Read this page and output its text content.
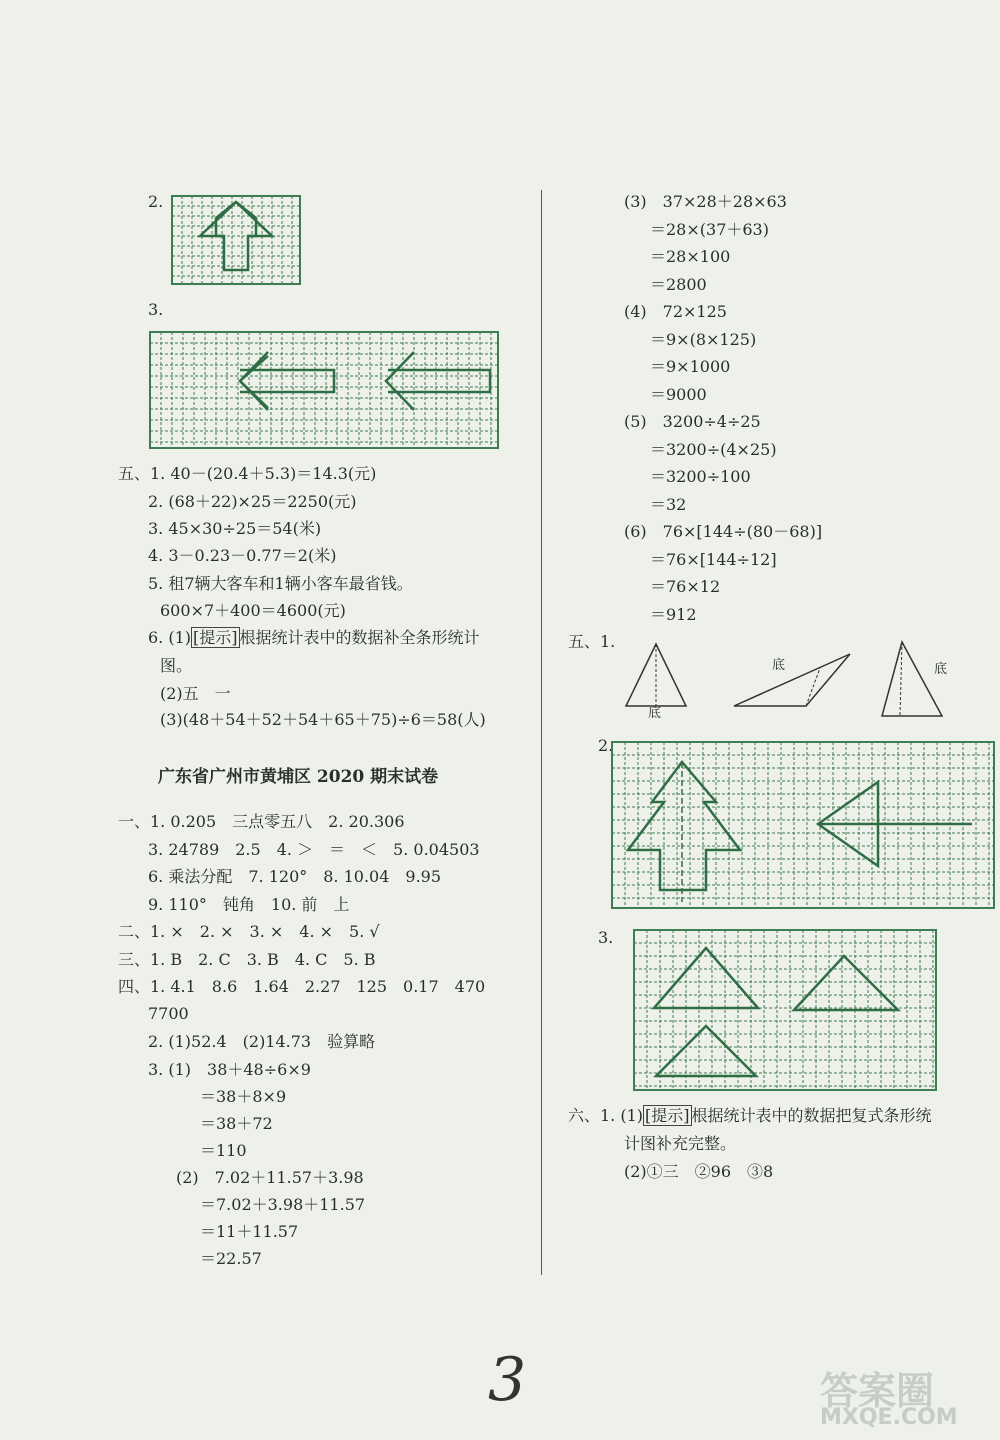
2.
3.
五、1. 40－(20.4＋5.3)＝14.3(元)
2. (68＋22)×25＝2250(元)
3. 45×30÷25＝54(米)
4. 3－0.23－0.77＝2(米)
5. 租7辆大客车和1辆小客车最省钱。
600×7＋400＝4600(元)
6. (1) [提示] 根据统计表中的数据补全条形统计
图。
(2)五　一
(3)(48＋54＋52＋54＋65＋75)÷6＝58(人)
广东省广州市黄埔区 2020 期末试卷
一、1. 0.205　三点零五八　2. 20.306
3. 24789　2.5　4. ＞　＝　＜　5. 0.04503
6. 乘法分配　7. 120°　8. 10.04　9.95
9. 110°　钝角　10. 前　上
二、1. ×　2. ×　3. ×　4. ×　5. √
三、1. B　2. C　3. B　4. C　5. B
四、1. 4.1　8.6　1.64　2.27　125　0.17　470
7700
2. (1)52.4　(2)14.73　验算略
3. (1)　38＋48÷6×9
＝38＋8×9
＝38＋72
＝110
(2)　7.02＋11.57＋3.98
＝7.02＋3.98＋11.57
＝11＋11.57
＝22.57
(3)　37×28＋28×63
＝28×(37＋63)
＝28×100
＝2800
(4)　72×125
＝9×(8×125)
＝9×1000
＝9000
(5)　3200÷4÷25
＝3200÷(4×25)
＝3200÷100
＝32
(6)　76×[144÷(80－68)]
＝76×[144÷12]
＝76×12
＝912
五、1.
底
底	底
2.
3.
六、1. (1) [提示] 根据统计表中的数据把复式条形统
计图补充完整。
(2)①三　②96　③8
3	答案圈
MXQE.COM
